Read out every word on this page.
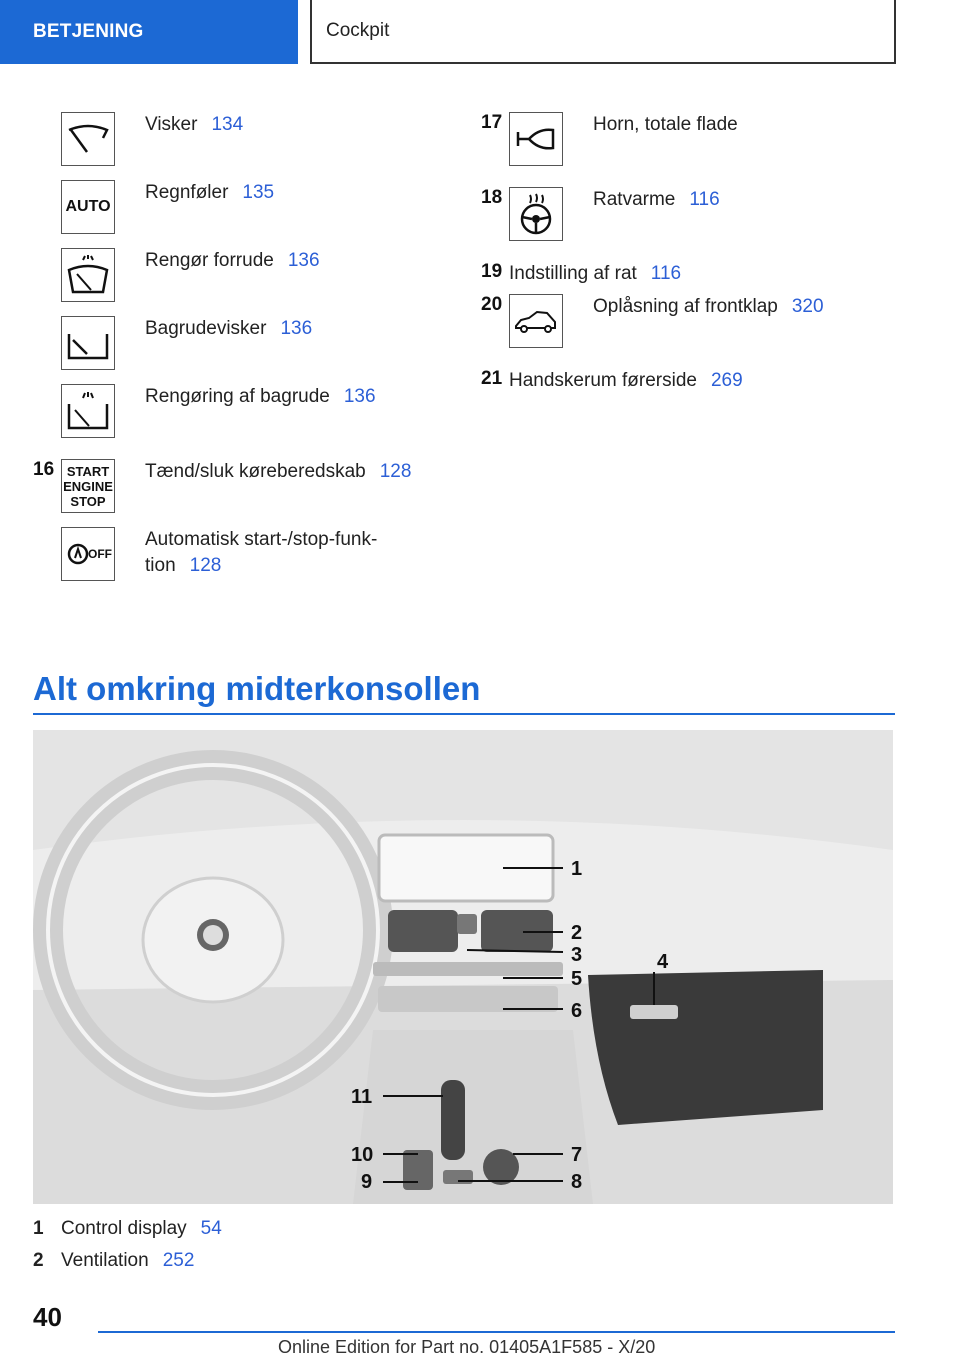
BETJENING	Cockpit
Visker 134
AUTO
Regnføler 135
Rengør forrude 136
Bagrudevisker 136
Rengøring af bagrude 136
16 START
ENGINE
STOP
Tænd/sluk køreberedskab 128
OFF
Automatisk start-/stop-funk-
tion 128
17	Horn, totale flade
18	Ratvarme 116
19 Indstilling af rat 116
20	Oplåsning af frontklap 320
21 Handskerum førerside 269
Alt omkring midterkonsollen
1
2
3	4
5
6
7
8
9
10
11
1 Control display 54
2 Ventilation 252
40
Online Edition for Part no. 01405A1F585 - X/20
